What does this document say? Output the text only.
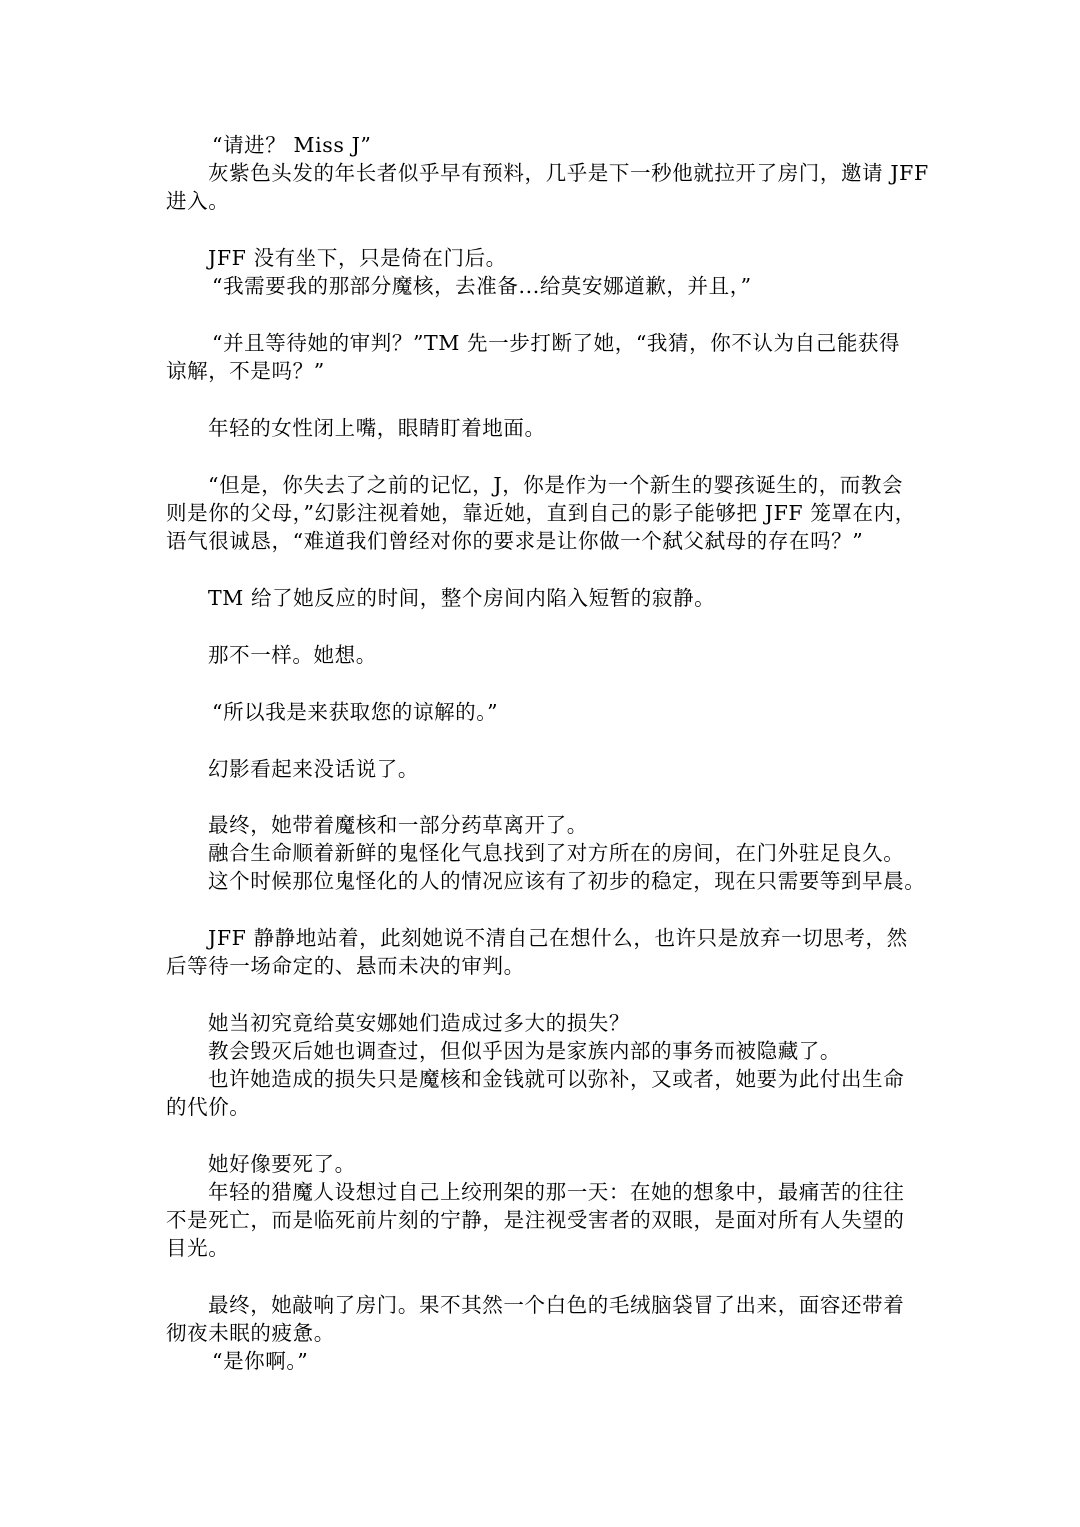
“请进？ Miss J”
灰紫色头发的年长者似乎早有预料，几乎是下一秒他就拉开了房门，邀请 JFF
进入。
JFF 没有坐下，只是倚在门后。
“我需要我的那部分魔核，去准备...给莫安娜道歉，并且，”
“并且等待她的审判？”TM 先一步打断了她，“我猜，你不认为自己能获得
谅解，不是吗？”
年轻的女性闭上嘴，眼睛盯着地面。
“但是，你失去了之前的记忆，J，你是作为一个新生的婴孩诞生的，而教会
则是你的父母，”幻影注视着她，靠近她，直到自己的影子能够把 JFF 笼罩在内，
语气很诚恳，“难道我们曾经对你的要求是让你做一个弑父弑母的存在吗？”
TM 给了她反应的时间，整个房间内陷入短暂的寂静。
那不一样。她想。
“所以我是来获取您的谅解的。”
幻影看起来没话说了。
最终，她带着魔核和一部分药草离开了。
融合生命顺着新鲜的鬼怪化气息找到了对方所在的房间，在门外驻足良久。
这个时候那位鬼怪化的人的情况应该有了初步的稳定，现在只需要等到早晨。
JFF 静静地站着，此刻她说不清自己在想什么，也许只是放弃一切思考，然
后等待一场命定的、悬而未决的审判。
她当初究竟给莫安娜她们造成过多大的损失？
教会毁灭后她也调查过，但似乎因为是家族内部的事务而被隐藏了。
也许她造成的损失只是魔核和金钱就可以弥补，又或者，她要为此付出生命
的代价。
她好像要死了。
年轻的猎魔人设想过自己上绞刑架的那一天：在她的想象中，最痛苦的往往
不是死亡，而是临死前片刻的宁静，是注视受害者的双眼，是面对所有人失望的
目光。
最终，她敲响了房门。果不其然一个白色的毛绒脑袋冒了出来，面容还带着
彻夜未眠的疲惫。
“是你啊。”
